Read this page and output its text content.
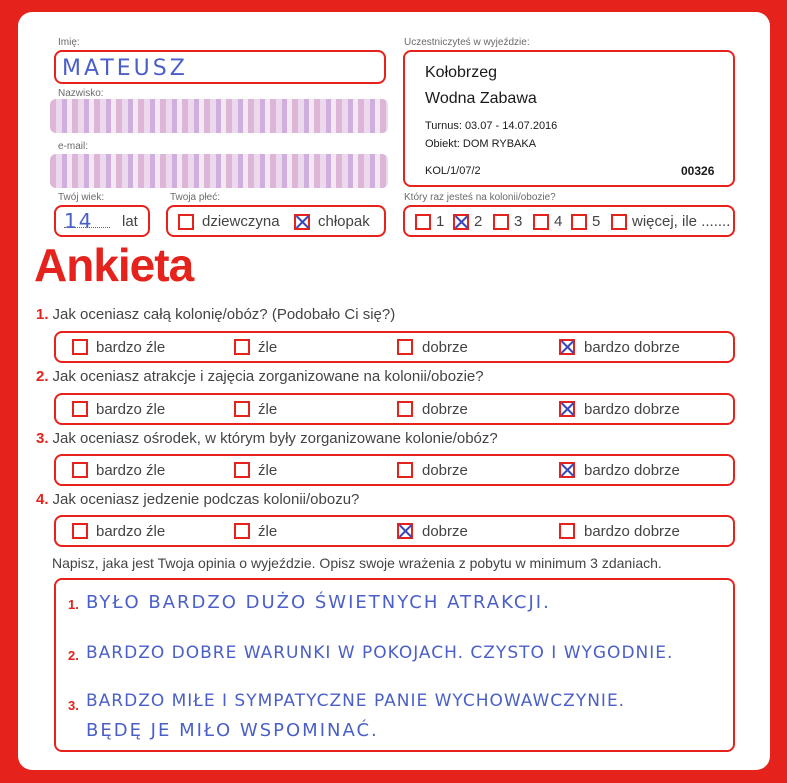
Imię:
MATEUSZ
Nazwisko:
e-mail:
Twój wiek:
14 lat
Twoja płeć:
dziewczyna	chłopak
Uczestniczyteś w wyjeździe:
Kołobrzeg
Wodna Zabawa
Turnus: 03.07 - 14.07.2016
Obiekt: DOM RYBAKA
KOL/1/07/2	00326
Który raz jesteś na kolonii/obozie?
1 2 3 4 5 więcej, ile .......
Ankieta
1. Jak oceniasz całą kolonię/obóz? (Podobało Ci się?)
bardzo źle	źle	dobrze	bardzo dobrze
2. Jak oceniasz atrakcje i zajęcia zorganizowane na kolonii/obozie?
bardzo źle	źle	dobrze	bardzo dobrze
3. Jak oceniasz ośrodek, w którym były zorganizowane kolonie/obóz?
bardzo źle	źle	dobrze	bardzo dobrze
4. Jak oceniasz jedzenie podczas kolonii/obozu?
bardzo źle	źle	dobrze	bardzo dobrze
Napisz, jaka jest Twoja opinia o wyjeździe. Opisz swoje wrażenia z pobytu w minimum 3 zdaniach.
1. BYŁO BARDZO DUŻO ŚWIETNYCH ATRAKCJI.
2. BARDZO DOBRE WARUNKI W POKOJACH. CZYSTO I WYGODNIE.
3. BARDZO MIŁE I SYMPATYCZNE PANIE WYCHOWAWCZYNIE.
BĘDĘ JE MIŁO WSPOMINAĆ.
